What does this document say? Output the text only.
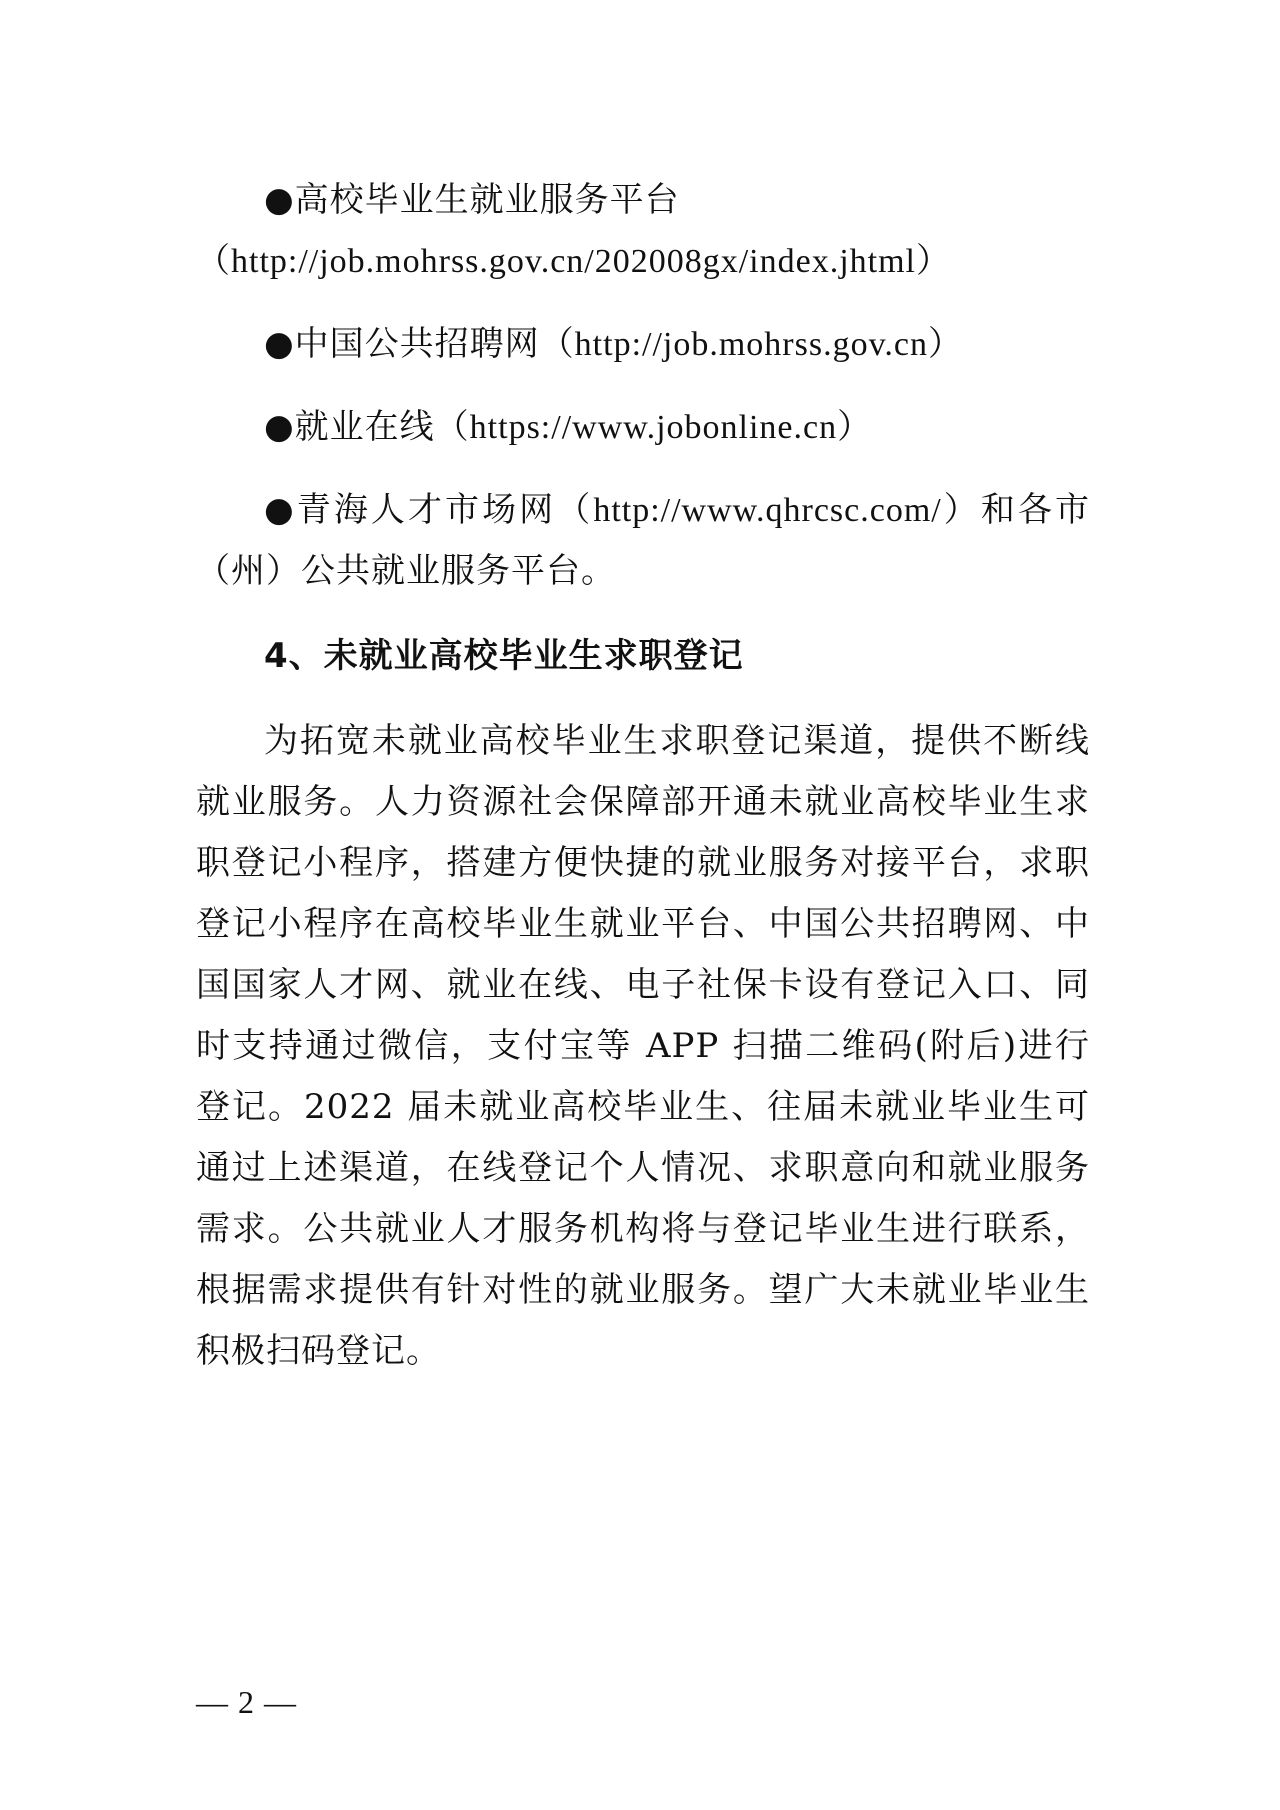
●高校毕业生就业服务平台

（http://job.mohrss.gov.cn/202008gx/index.jhtml）

●中国公共招聘网（http://job.mohrss.gov.cn）

●就业在线（https://www.jobonline.cn）

●青海人才市场网（http://www.qhrcsc.com/）和各市（州）公共就业服务平台。

4、未就业高校毕业生求职登记

为拓宽未就业高校毕业生求职登记渠道，提供不断线就业服务。人力资源社会保障部开通未就业高校毕业生求职登记小程序，搭建方便快捷的就业服务对接平台，求职登记小程序在高校毕业生就业平台、中国公共招聘网、中国国家人才网、就业在线、电子社保卡设有登记入口、同时支持通过微信，支付宝等 APP 扫描二维码(附后)进行登记。2022 届未就业高校毕业生、往届未就业毕业生可通过上述渠道，在线登记个人情况、求职意向和就业服务需求。公共就业人才服务机构将与登记毕业生进行联系，根据需求提供有针对性的就业服务。望广大未就业毕业生积极扫码登记。

— 2 —
